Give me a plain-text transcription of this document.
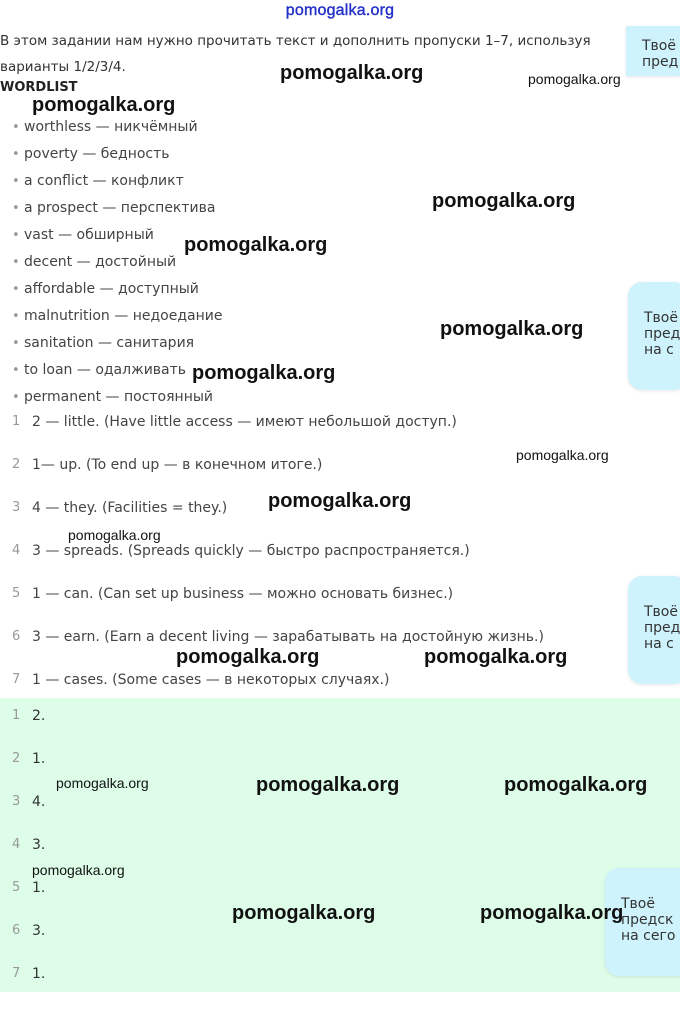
pomogalka.org
В этом задании нам нужно прочитать текст и дополнить пропуски 1–7, используя варианты 1/2/3/4.
WORDLIST
• worthless — никчёмный
• poverty — бедность
• a conflict — конфликт
• a prospect — перспектива
• vast — обширный
• decent — достойный
• affordable — доступный
• malnutrition — недоедание
• sanitation — санитария
• to loan — одалживать
• permanent — постоянный
1 2 — little. (Have little access — имеют небольшой доступ.)
2 1— up. (To end up — в конечном итоге.)
3 4 — they. (Facilities = they.)
4 3 — spreads. (Spreads quickly — быстро распространяется.)
5 1 — can. (Can set up business — можно основать бизнес.)
6 3 — earn. (Earn a decent living — зарабатывать на достойную жизнь.)
7 1 — cases. (Some cases — в некоторых случаях.)
1 2.
2 1.
3 4.
4 3.
5 1.
6 3.
7 1.
Твоё
пред
Твоё
пред
на с
Твоё
пред
на с
Твоё
предск
на сего
pomogalka.org	pomogalka.org
pomogalka.org
pomogalka.org
pomogalka.org
pomogalka.org
pomogalka.org
pomogalka.org
pomogalka.org
pomogalka.org
pomogalka.org	pomogalka.org
pomogalka.org	pomogalka.org	pomogalka.org
pomogalka.org
pomogalka.org	pomogalka.org
